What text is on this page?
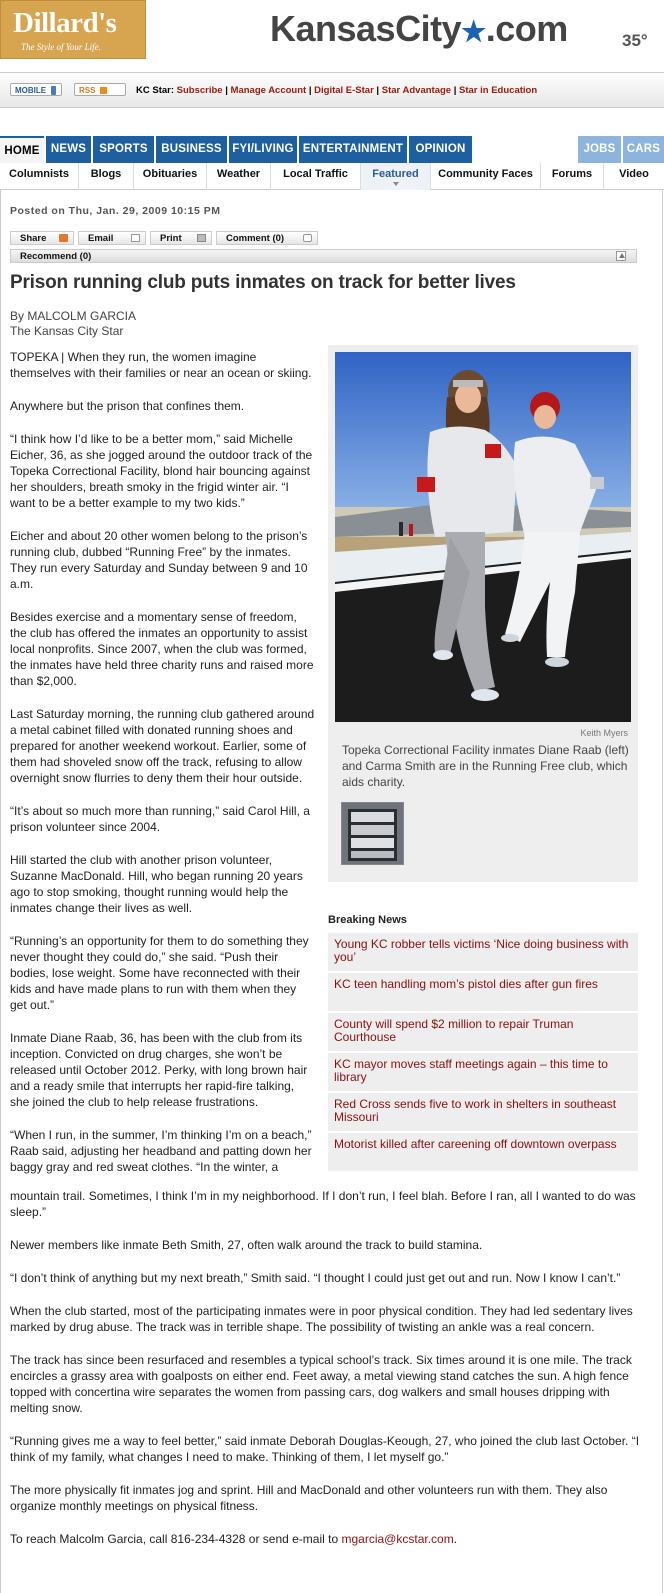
Dillard's
The Style of Your Life.	KansasCity★.com	35°
MOBILE	RSS	KC Star: Subscribe | Manage Account | Digital E-Star | Star Advantage | Star in Education
HOME NEWS	SPORTS	BUSINESS FYI/LIVING ENTERTAINMENT	OPINION	JOBS CARS
Columnists	Blogs	Obituaries	Weather	Local Traffic	Featured	Community Faces	Forums	Video
Posted on Thu, Jan. 29, 2009 10:15 PM
Share	Email	Print	Comment (0)
Recommend (0)
Prison running club puts inmates on track for better lives
By MALCOLM GARCIA
The Kansas City Star

TOPEKA | When they run, the women imagine themselves with their families or near an ocean or skiing.

Anywhere but the prison that confines them.

“I think how I’d like to be a better mom,” said Michelle Eicher, 36, as she jogged around the outdoor track of the Topeka Correctional Facility, blond hair bouncing against her shoulders, breath smoky in the frigid winter air. “I want to be a better example to my two kids.”

Eicher and about 20 other women belong to the prison’s running club, dubbed “Running Free” by the inmates. They run every Saturday and Sunday between 9 and 10 a.m.

Besides exercise and a momentary sense of freedom, the club has offered the inmates an opportunity to assist local nonprofits. Since 2007, when the club was formed, the inmates have held three charity runs and raised more than $2,000.

Last Saturday morning, the running club gathered around a metal cabinet filled with donated running shoes and prepared for another weekend workout. Earlier, some of them had shoveled snow off the track, refusing to allow overnight snow flurries to deny them their hour outside.

“It’s about so much more than running,” said Carol Hill, a prison volunteer since 2004.

Hill started the club with another prison volunteer, Suzanne MacDonald. Hill, who began running 20 years ago to stop smoking, thought running would help the inmates change their lives as well.

“Running’s an opportunity for them to do something they never thought they could do,” she said. “Push their bodies, lose weight. Some have reconnected with their kids and have made plans to run with them when they get out.”

Inmate Diane Raab, 36, has been with the club from its inception. Convicted on drug charges, she won’t be released until October 2012. Perky, with long brown hair and a ready smile that interrupts her rapid-fire talking, she joined the club to help release frustrations.

“When I run, in the summer, I’m thinking I’m on a beach,” Raab said, adjusting her headband and patting down her baggy gray and red sweat clothes. “In the winter, a

Keith Myers
Topeka Correctional Facility inmates Diane Raab (left) and Carma Smith are in the Running Free club, which aids charity.
Breaking News
Young KC robber tells victims ‘Nice doing business with you’
KC teen handling mom’s pistol dies after gun fires
County will spend $2 million to repair Truman Courthouse
KC mayor moves staff meetings again – this time to library
Red Cross sends five to work in shelters in southeast Missouri
Motorist killed after careening off downtown overpass

mountain trail. Sometimes, I think I’m in my neighborhood. If I don’t run, I feel blah. Before I ran, all I wanted to do was sleep.”

Newer members like inmate Beth Smith, 27, often walk around the track to build stamina.

“I don’t think of anything but my next breath,” Smith said. “I thought I could just get out and run. Now I know I can’t.”

When the club started, most of the participating inmates were in poor physical condition. They had led sedentary lives marked by drug abuse. The track was in terrible shape. The possibility of twisting an ankle was a real concern.

The track has since been resurfaced and resembles a typical school’s track. Six times around it is one mile. The track encircles a grassy area with goalposts on either end. Feet away, a metal viewing stand catches the sun. A high fence topped with concertina wire separates the women from passing cars, dog walkers and small houses dripping with melting snow.

“Running gives me a way to feel better,” said inmate Deborah Douglas-Keough, 27, who joined the club last October. “I think of my family, what changes I need to make. Thinking of them, I let myself go.”

The more physically fit inmates jog and sprint. Hill and MacDonald and other volunteers run with them. They also organize monthly meetings on physical fitness.

To reach Malcolm Garcia, call 816-234-4328 or send e-mail to mgarcia@kcstar.com.
